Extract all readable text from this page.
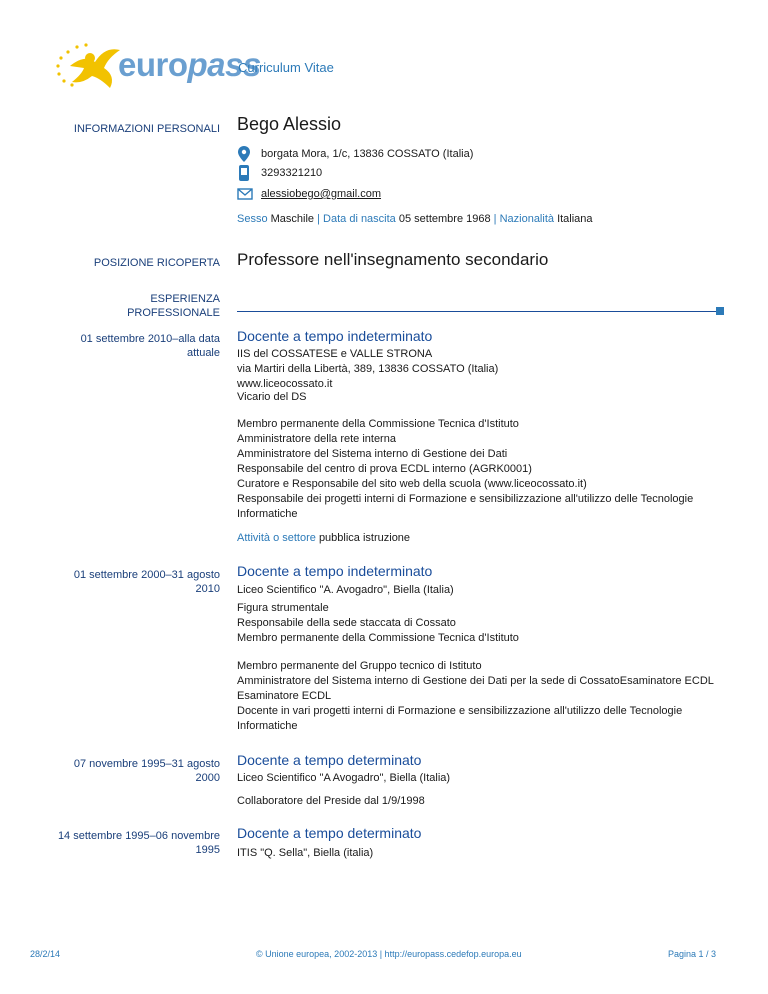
europass
Curriculum Vitae
INFORMAZIONI PERSONALI Bego Alessio
borgata Mora, 1/c, 13836 COSSATO (Italia)
3293321210
alessiobego@gmail.com
Sesso Maschile | Data di nascita 05 settembre 1968 | Nazionalità Italiana
POSIZIONE RICOPERTA Professore nell'insegnamento secondario
ESPERIENZA
PROFESSIONALE
01 settembre 2010–alla data
attuale
Docente a tempo indeterminato
IIS del COSSATESE e VALLE STRONA
via Martiri della Libertà, 389, 13836 COSSATO (Italia)
www.liceocossato.it
Vicario del DS
Membro permanente della Commissione Tecnica d'Istituto
Amministratore della rete interna
Amministratore del Sistema interno di Gestione dei Dati
Responsabile del centro di prova ECDL interno (AGRK0001)
Curatore e Responsabile del sito web della scuola (www.liceocossato.it)
Responsabile dei progetti interni di Formazione e sensibilizzazione all'utilizzo delle Tecnologie
Informatiche
Attività o settore pubblica istruzione
01 settembre 2000–31 agosto
2010
Docente a tempo indeterminato
Liceo Scientifico "A. Avogadro", Biella (Italia)
Figura strumentale
Responsabile della sede staccata di Cossato
Membro permanente della Commissione Tecnica d'Istituto
Membro permanente del Gruppo tecnico di Istituto
Amministratore del Sistema interno di Gestione dei Dati per la sede di CossatoEsaminatore ECDL
Esaminatore ECDL
Docente in vari progetti interni di Formazione e sensibilizzazione all'utilizzo delle Tecnologie
Informatiche
07 novembre 1995–31 agosto
2000
Docente a tempo determinato
Liceo Scientifico "A Avogadro", Biella (Italia)
Collaboratore del Preside dal 1/9/1998
14 settembre 1995–06 novembre
1995
Docente a tempo determinato
ITIS "Q. Sella", Biella (italia)
28/2/14	© Unione europea, 2002-2013 | http://europass.cedefop.europa.eu	Pagina 1 / 3
